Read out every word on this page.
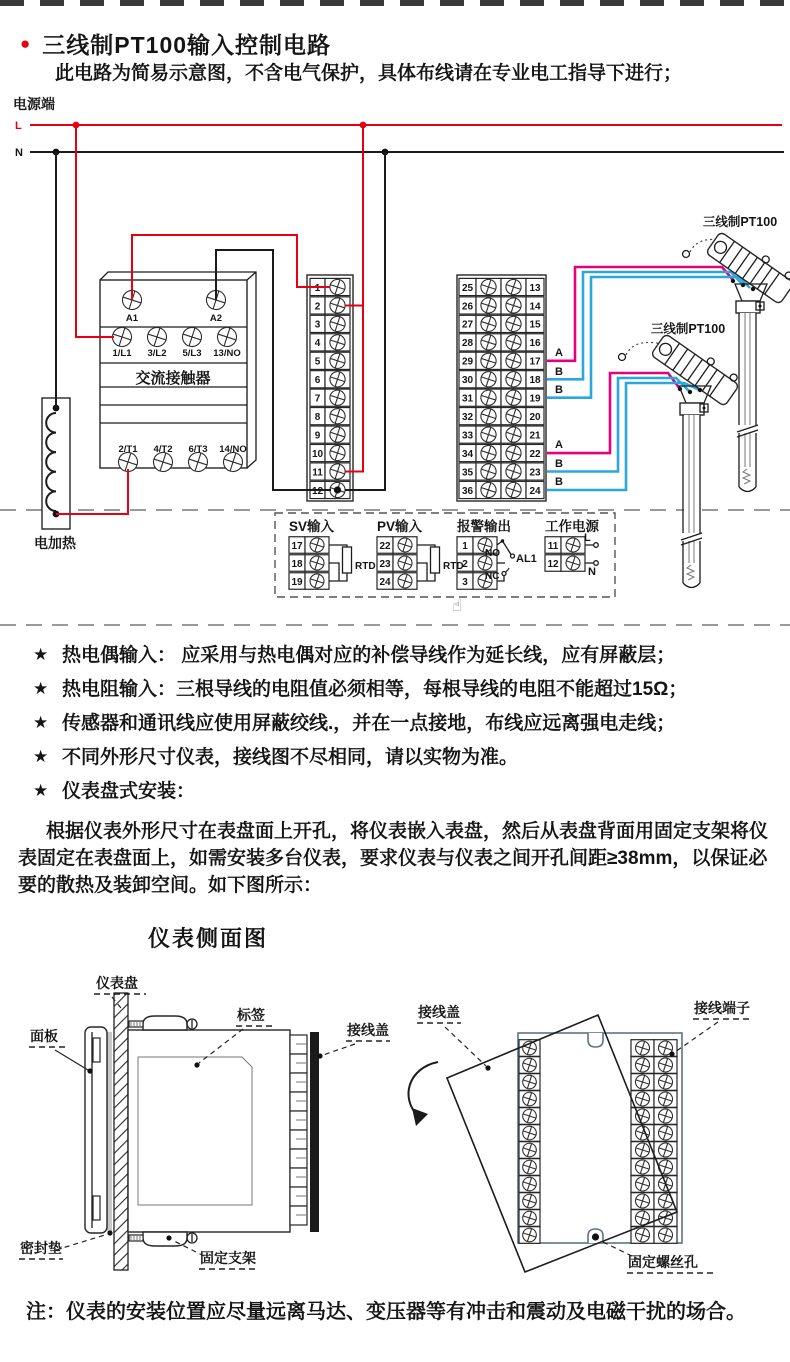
● 三线制PT100输入控制电路
此电路为简易示意图，不含电气保护，具体布线请在专业电工指导下进行；
电源端
L
N
A1	A2
1/L1 3/L2 5/L3 13/NO
交流接触器
2/T1 4/T2 6/T3 14/NO
电加热
1
2
3
4
5
6
7
8
9
10
11
12
25	13
26	14
27	15
28	16
29	17
30	18
31	19
32	20
33	21
34	22
35	23
36	24
A
B
B
A
B
B
三线制PT100
三线制PT100
SV输入	PV输入	报警输出	工作电源
17
18
19
22
23
24
1
2
3
11
12
RTD	RTD
NO
NC
AL1
L
N
☝
★ 热电偶输入： 应采用与热电偶对应的补偿导线作为延长线，应有屏蔽层；
★ 热电阻输入：三根导线的电阻值必须相等，每根导线的电阻不能超过15Ω；
★ 传感器和通讯线应使用屏蔽绞线.，并在一点接地，布线应远离强电走线；
★ 不同外形尺寸仪表，接线图不尽相同，请以实物为准。
★ 仪表盘式安装：
根据仪表外形尺寸在表盘面上开孔，将仪表嵌入表盘，然后从表盘背面用固定支架将仪表固定在表盘面上，如需安装多台仪表，要求仪表与仪表之间开孔间距≥38mm，以保证必要的散热及装卸空间。如下图所示：
仪表侧面图
仪表盘
面板
标签
接线盖
密封垫
固定支架
接线盖	接线端子
固定螺丝孔
注：仪表的安装位置应尽量远离马达、变压器等有冲击和震动及电磁干扰的场合。
